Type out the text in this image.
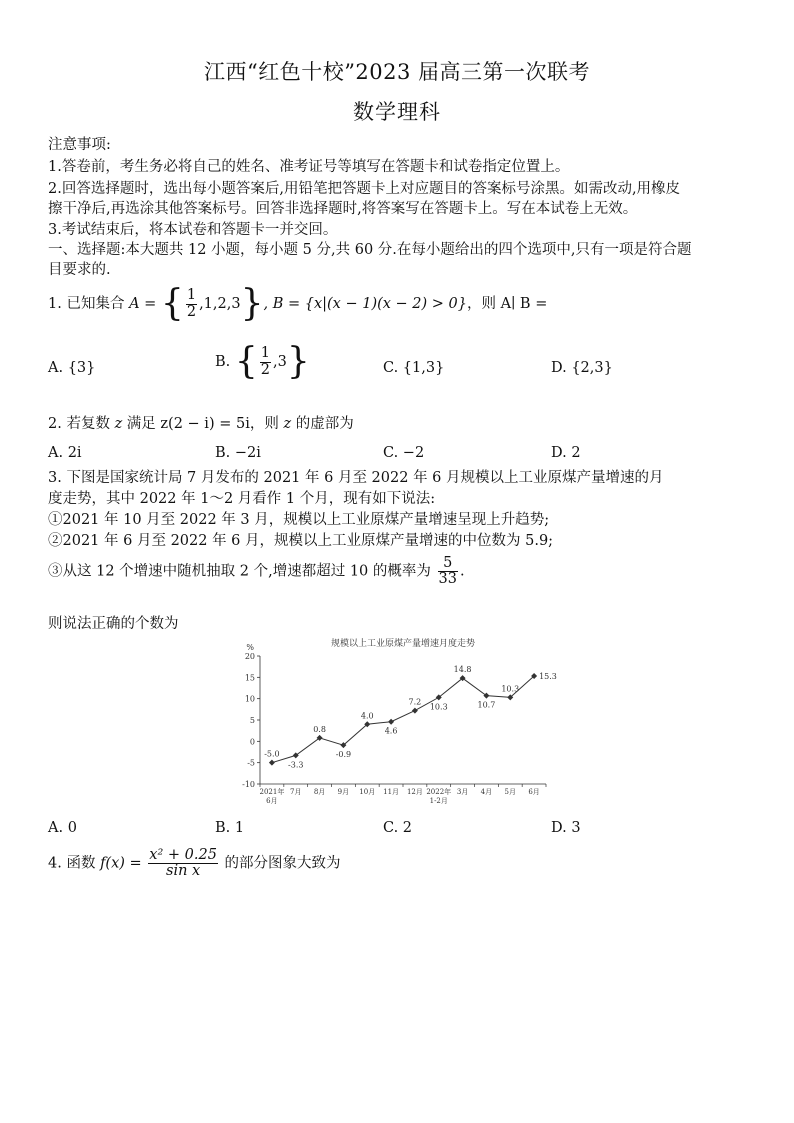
江西“红色十校”2023 届高三第一次联考
数学理科
注意事项:
1.答卷前，考生务必将自己的姓名、准考证号等填写在答题卡和试卷指定位置上。
2.回答选择题时，选出每小题答案后,用铅笔把答题卡上对应题目的答案标号涂黑。如需改动,用橡皮
擦干净后,再选涂其他答案标号。回答非选择题时,将答案写在答题卡上。写在本试卷上无效。
3.考试结束后，将本试卷和答题卡一并交回。
一、选择题:本大题共 12 小题，每小题 5 分,共 60 分.在每小题给出的四个选项中,只有一项是符合题
目要求的.
1. 已知集合 A = { $\frac{1}{2} ,1,2,3$}, B = {x|(x − 1)(x − 2) > 0}，则 A∣ B =
A. {3}	B. { $\frac{1}{2} ,3$}	C. {1,3}	D. {2,3}
2. 若复数 z 满足 z(2 − i) = 5i，则 z 的虚部为
A. 2i	B. −2i	C. −2	D. 2
3. 下图是国家统计局 7 月发布的 2021 年 6 月至 2022 年 6 月规模以上工业原煤产量增速的月
度走势，其中 2022 年 1～2 月看作 1 个月，现有如下说法:
①2021 年 10 月至 2022 年 3 月，规模以上工业原煤产量增速呈现上升趋势;
②2021 年 6 月至 2022 年 6 月，规模以上工业原煤产量增速的中位数为 5.9;
③从这 12 个增速中随机抽取 2 个,增速都超过 10 的概率为 $\frac{5}{33}$ .
则说法正确的个数为
规模以上工业原煤产量增速月度走势
%
20
15
10
5
0
-5
-10
2021年
6月
7月 8月 9月 10月 11月 12月 2022年
1-2月
3月 4月 5月 6月
-5.0
-3.3
0.8
-0.9
4.0
4.6
7.2
10.3
14.8
10.7
10.3
15.3
A. 0	B. 1	C. 2	D. 3
4. 函数 $f(x) = \frac{\text{x² + 0.25}}{\text{sin x}}$ 的部分图象大致为
